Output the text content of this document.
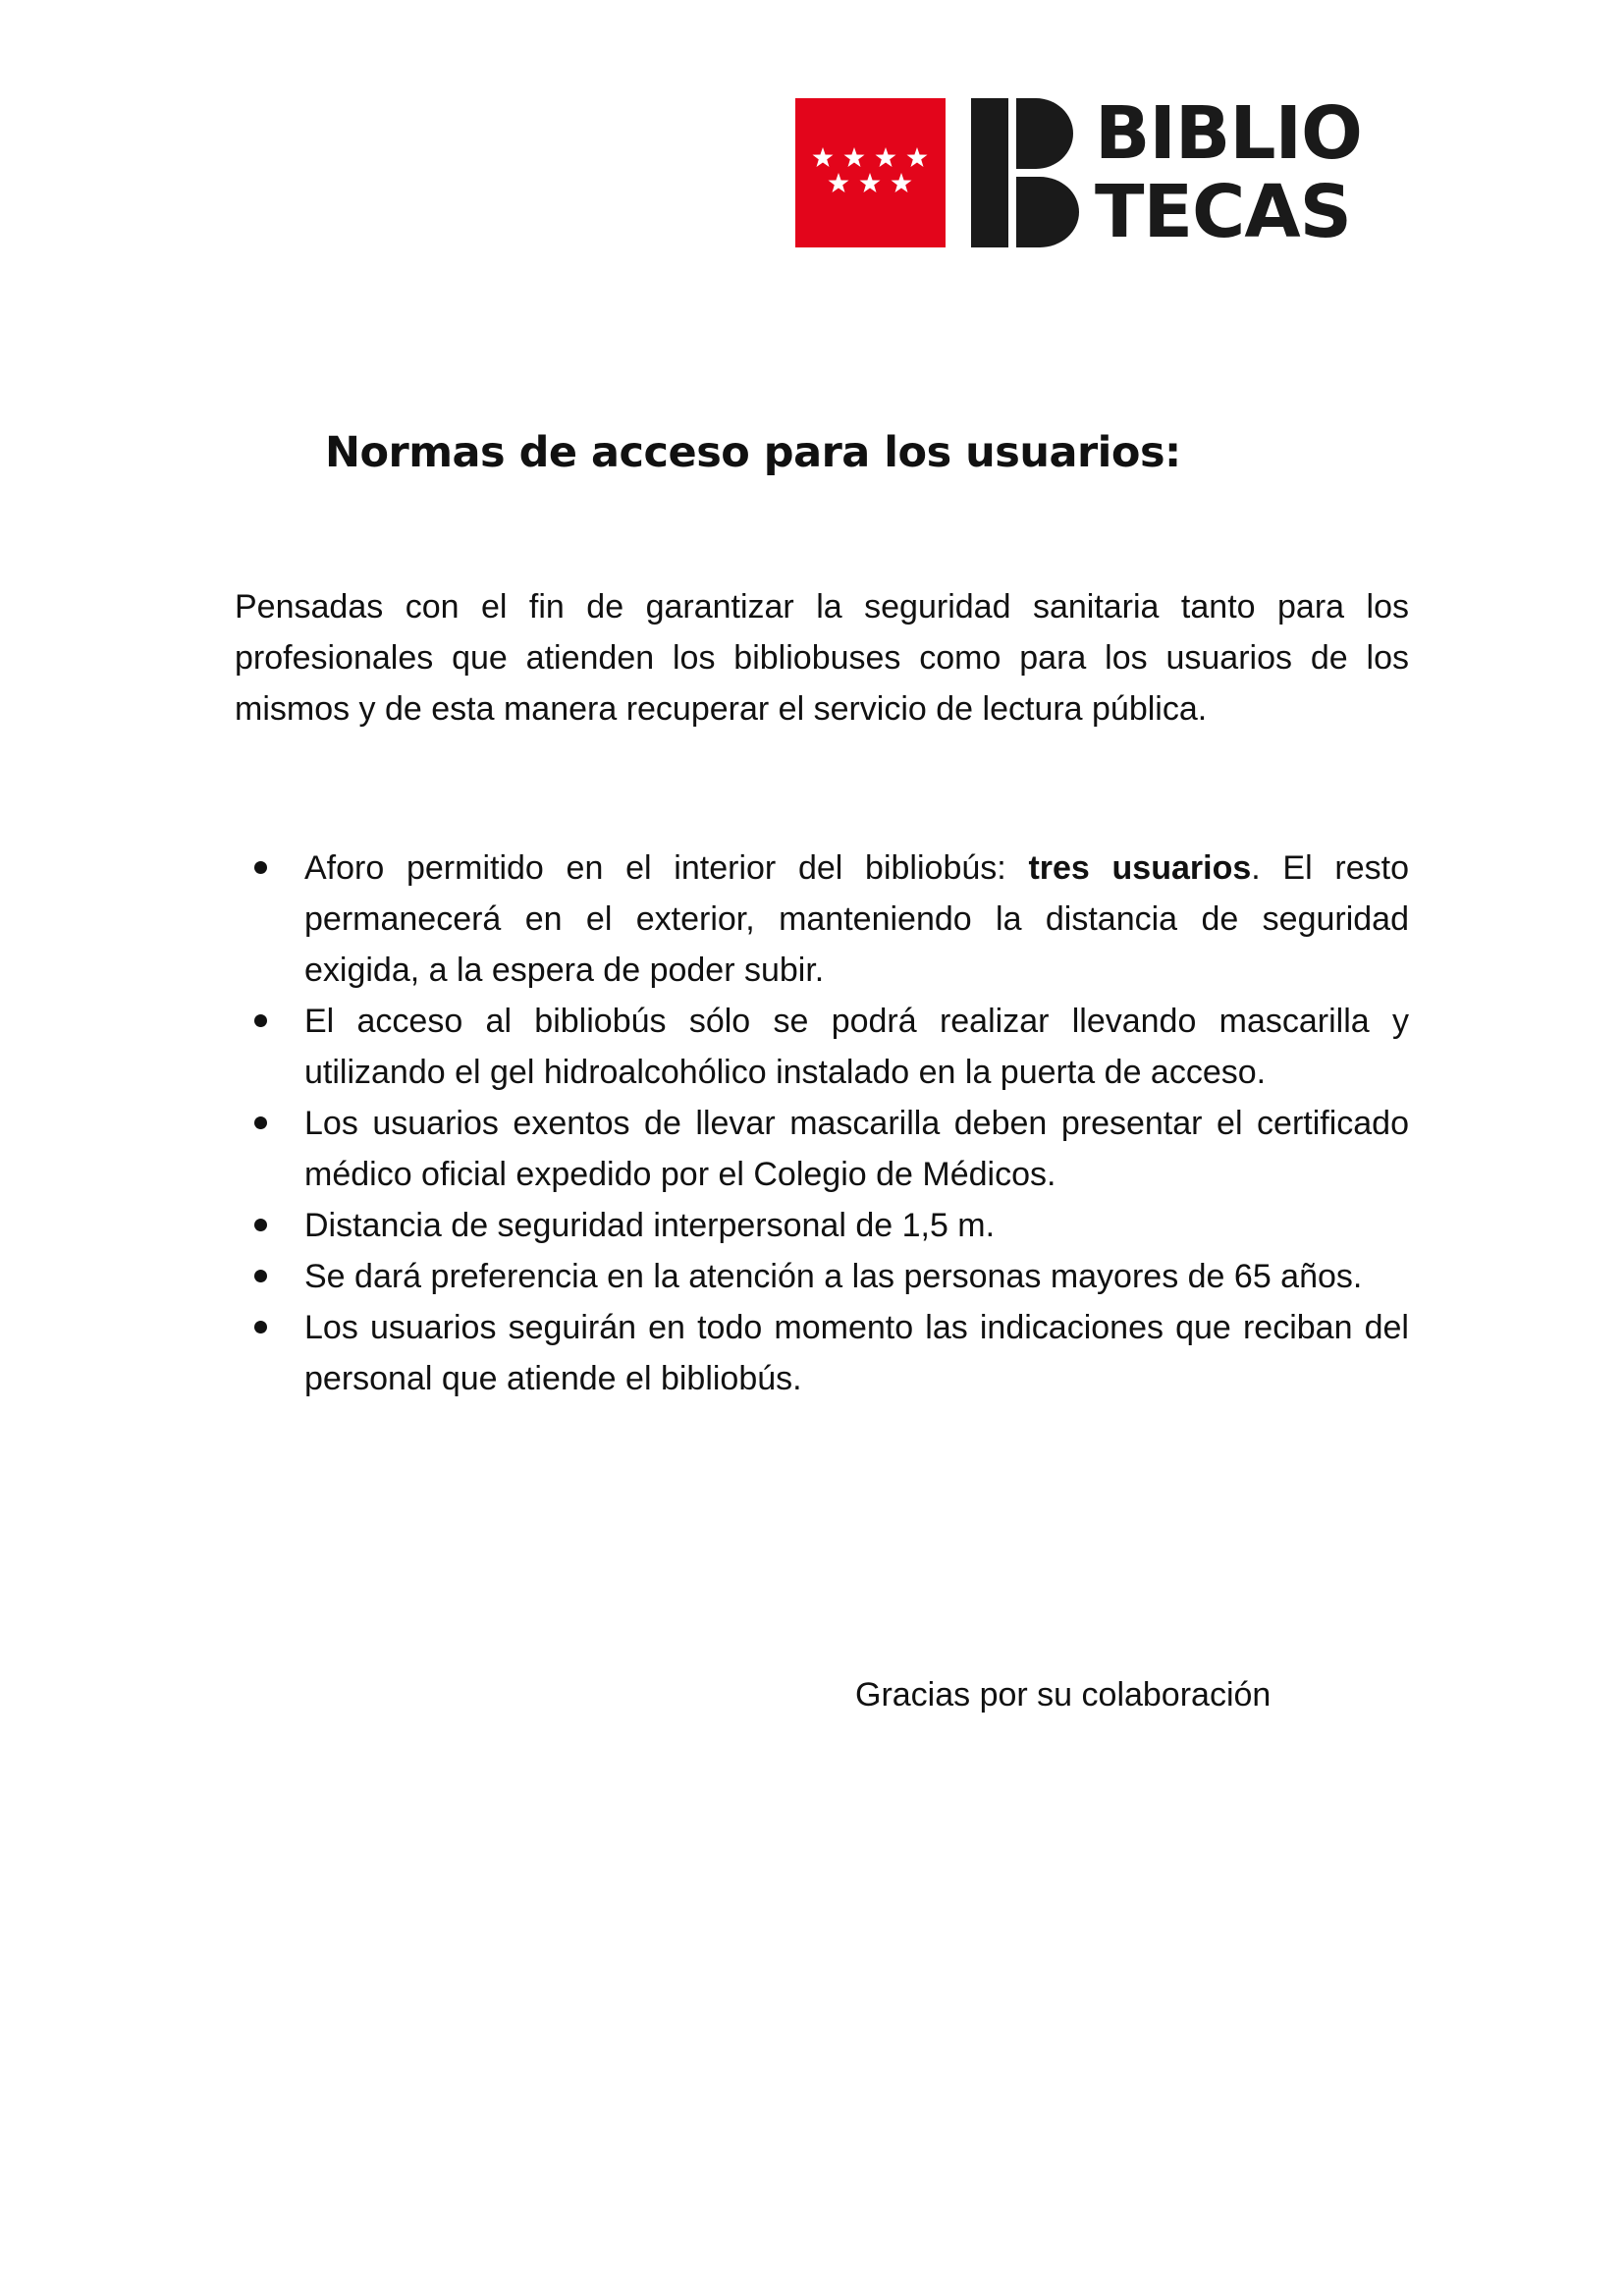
BIBLIO
TECAS
Normas de acceso para los usuarios:

Pensadas con el fin de garantizar la seguridad sanitaria tanto para los profesionales que atienden los bibliobuses como para los usuarios de los mismos y de esta manera recuperar el servicio de lectura pública.

Aforo permitido en el interior del bibliobús: tres usuarios. El resto permanecerá en el exterior, manteniendo la distancia de seguridad exigida, a la espera de poder subir.
El acceso al bibliobús sólo se podrá realizar llevando mascarilla y utilizando el gel hidroalcohólico instalado en la puerta de acceso.
Los usuarios exentos de llevar mascarilla deben presentar el certificado médico oficial expedido por el Colegio de Médicos.
Distancia de seguridad interpersonal de 1,5 m.
Se dará preferencia en la atención a las personas mayores de 65 años.
Los usuarios seguirán en todo momento las indicaciones que reciban del personal que atiende el bibliobús.

Gracias por su colaboración
